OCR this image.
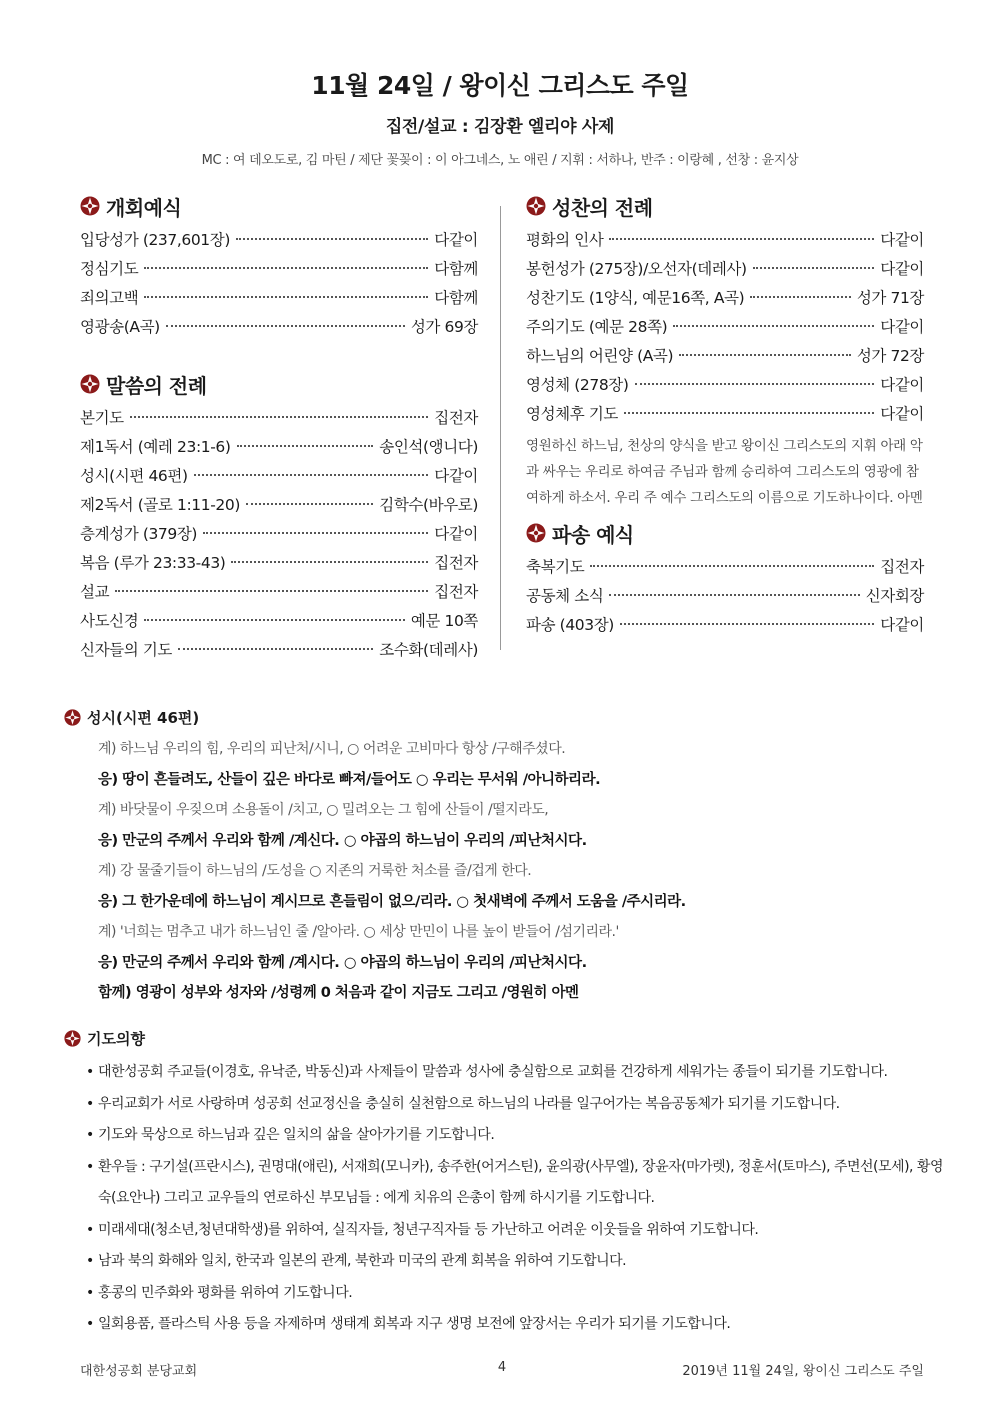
11월 24일 / 왕이신 그리스도 주일
집전/설교 : 김장환 엘리야 사제
MC : 여 데오도로, 김 마틴 / 제단 꽃꽂이 : 이 아그네스, 노 애린 / 지휘 : 서하나, 반주 : 이랑혜 , 선창 : 윤지상
개회예식
입당성가 (237,601장)	다같이
정심기도	다함께
죄의고백	다함께
영광송(A곡)	성가 69장
말씀의 전례
본기도	집전자
제1독서 (예레 23:1-6)	송인석(앵니다)
성시(시편 46편)	다같이
제2독서 (골로 1:11-20)	김학수(바우로)
층계성가 (379장)	다같이
복음 (루가 23:33-43)	집전자
설교	집전자
사도신경	예문 10쪽
신자들의 기도	조수화(데레사)
성찬의 전례
평화의 인사	다같이
봉헌성가 (275장)/오선자(데레사)	다같이
성찬기도 (1양식, 예문16쪽, A곡)	성가 71장
주의기도 (예문 28쪽)	다같이
하느님의 어린양 (A곡)	성가 72장
영성체 (278장)	다같이
영성체후 기도	다같이
영원하신 하느님, 천상의 양식을 받고 왕이신 그리스도의 지휘 아래 악과 싸우는 우리로 하여금 주님과 함께 승리하여 그리스도의 영광에 참여하게 하소서. 우리 주 예수 그리스도의 이름으로 기도하나이다. 아멘
파송 예식
축복기도	집전자
공동체 소식	신자회장
파송 (403장)	다같이
성시(시편 46편)
계) 하느님 우리의 힘, 우리의 피난처/시니, ○ 어려운 고비마다 항상 /구해주셨다.
응) 땅이 흔들려도, 산들이 깊은 바다로 빠져/들어도 ○ 우리는 무서워 /아니하리라.
계) 바닷물이 우짖으며 소용돌이 /치고, ○ 밀려오는 그 힘에 산들이 /떨지라도,
응) 만군의 주께서 우리와 함께 /계신다. ○ 야곱의 하느님이 우리의 /피난처시다.
계) 강 물줄기들이 하느님의 /도성을 ○ 지존의 거룩한 처소를 즐/겁게 한다.
응) 그 한가운데에 하느님이 계시므로 흔들림이 없으/리라. ○ 첫새벽에 주께서 도움을 /주시리라.
계) '너희는 멈추고 내가 하느님인 줄 /알아라. ○ 세상 만민이 나를 높이 받들어 /섬기리라.'
응) 만군의 주께서 우리와 함께 /계시다. ○ 야곱의 하느님이 우리의 /피난처시다.
함께) 영광이 성부와 성자와 /성령께 0 처음과 같이 지금도 그리고 /영원히 아멘
기도의향
• 대한성공회 주교들(이경호, 유낙준, 박동신)과 사제들이 말씀과 성사에 충실함으로 교회를 건강하게 세워가는 종들이 되기를 기도합니다.
• 우리교회가 서로 사랑하며 성공회 선교정신을 충실히 실천함으로 하느님의 나라를 일구어가는 복음공동체가 되기를 기도합니다.
• 기도와 묵상으로 하느님과 깊은 일치의 삶을 살아가기를 기도합니다.
• 환우들 : 구기설(프란시스), 권명대(애린), 서재희(모니카), 송주한(어거스틴), 윤의광(사무엘), 장윤자(마가렛), 정훈서(토마스), 주면선(모세), 황영숙(요안나) 그리고 교우들의 연로하신 부모님들 : 에게 치유의 은총이 함께 하시기를 기도합니다.
• 미래세대(청소년,청년대학생)를 위하여, 실직자들, 청년구직자들 등 가난하고 어려운 이웃들을 위하여 기도합니다.
• 남과 북의 화해와 일치, 한국과 일본의 관계, 북한과 미국의 관계 회복을 위하여 기도합니다.
• 홍콩의 민주화와 평화를 위하여 기도합니다.
• 일회용품, 플라스틱 사용 등을 자제하며 생태계 회복과 지구 생명 보전에 앞장서는 우리가 되기를 기도합니다.
대한성공회 분당교회	4	2019년 11월 24일, 왕이신 그리스도 주일
